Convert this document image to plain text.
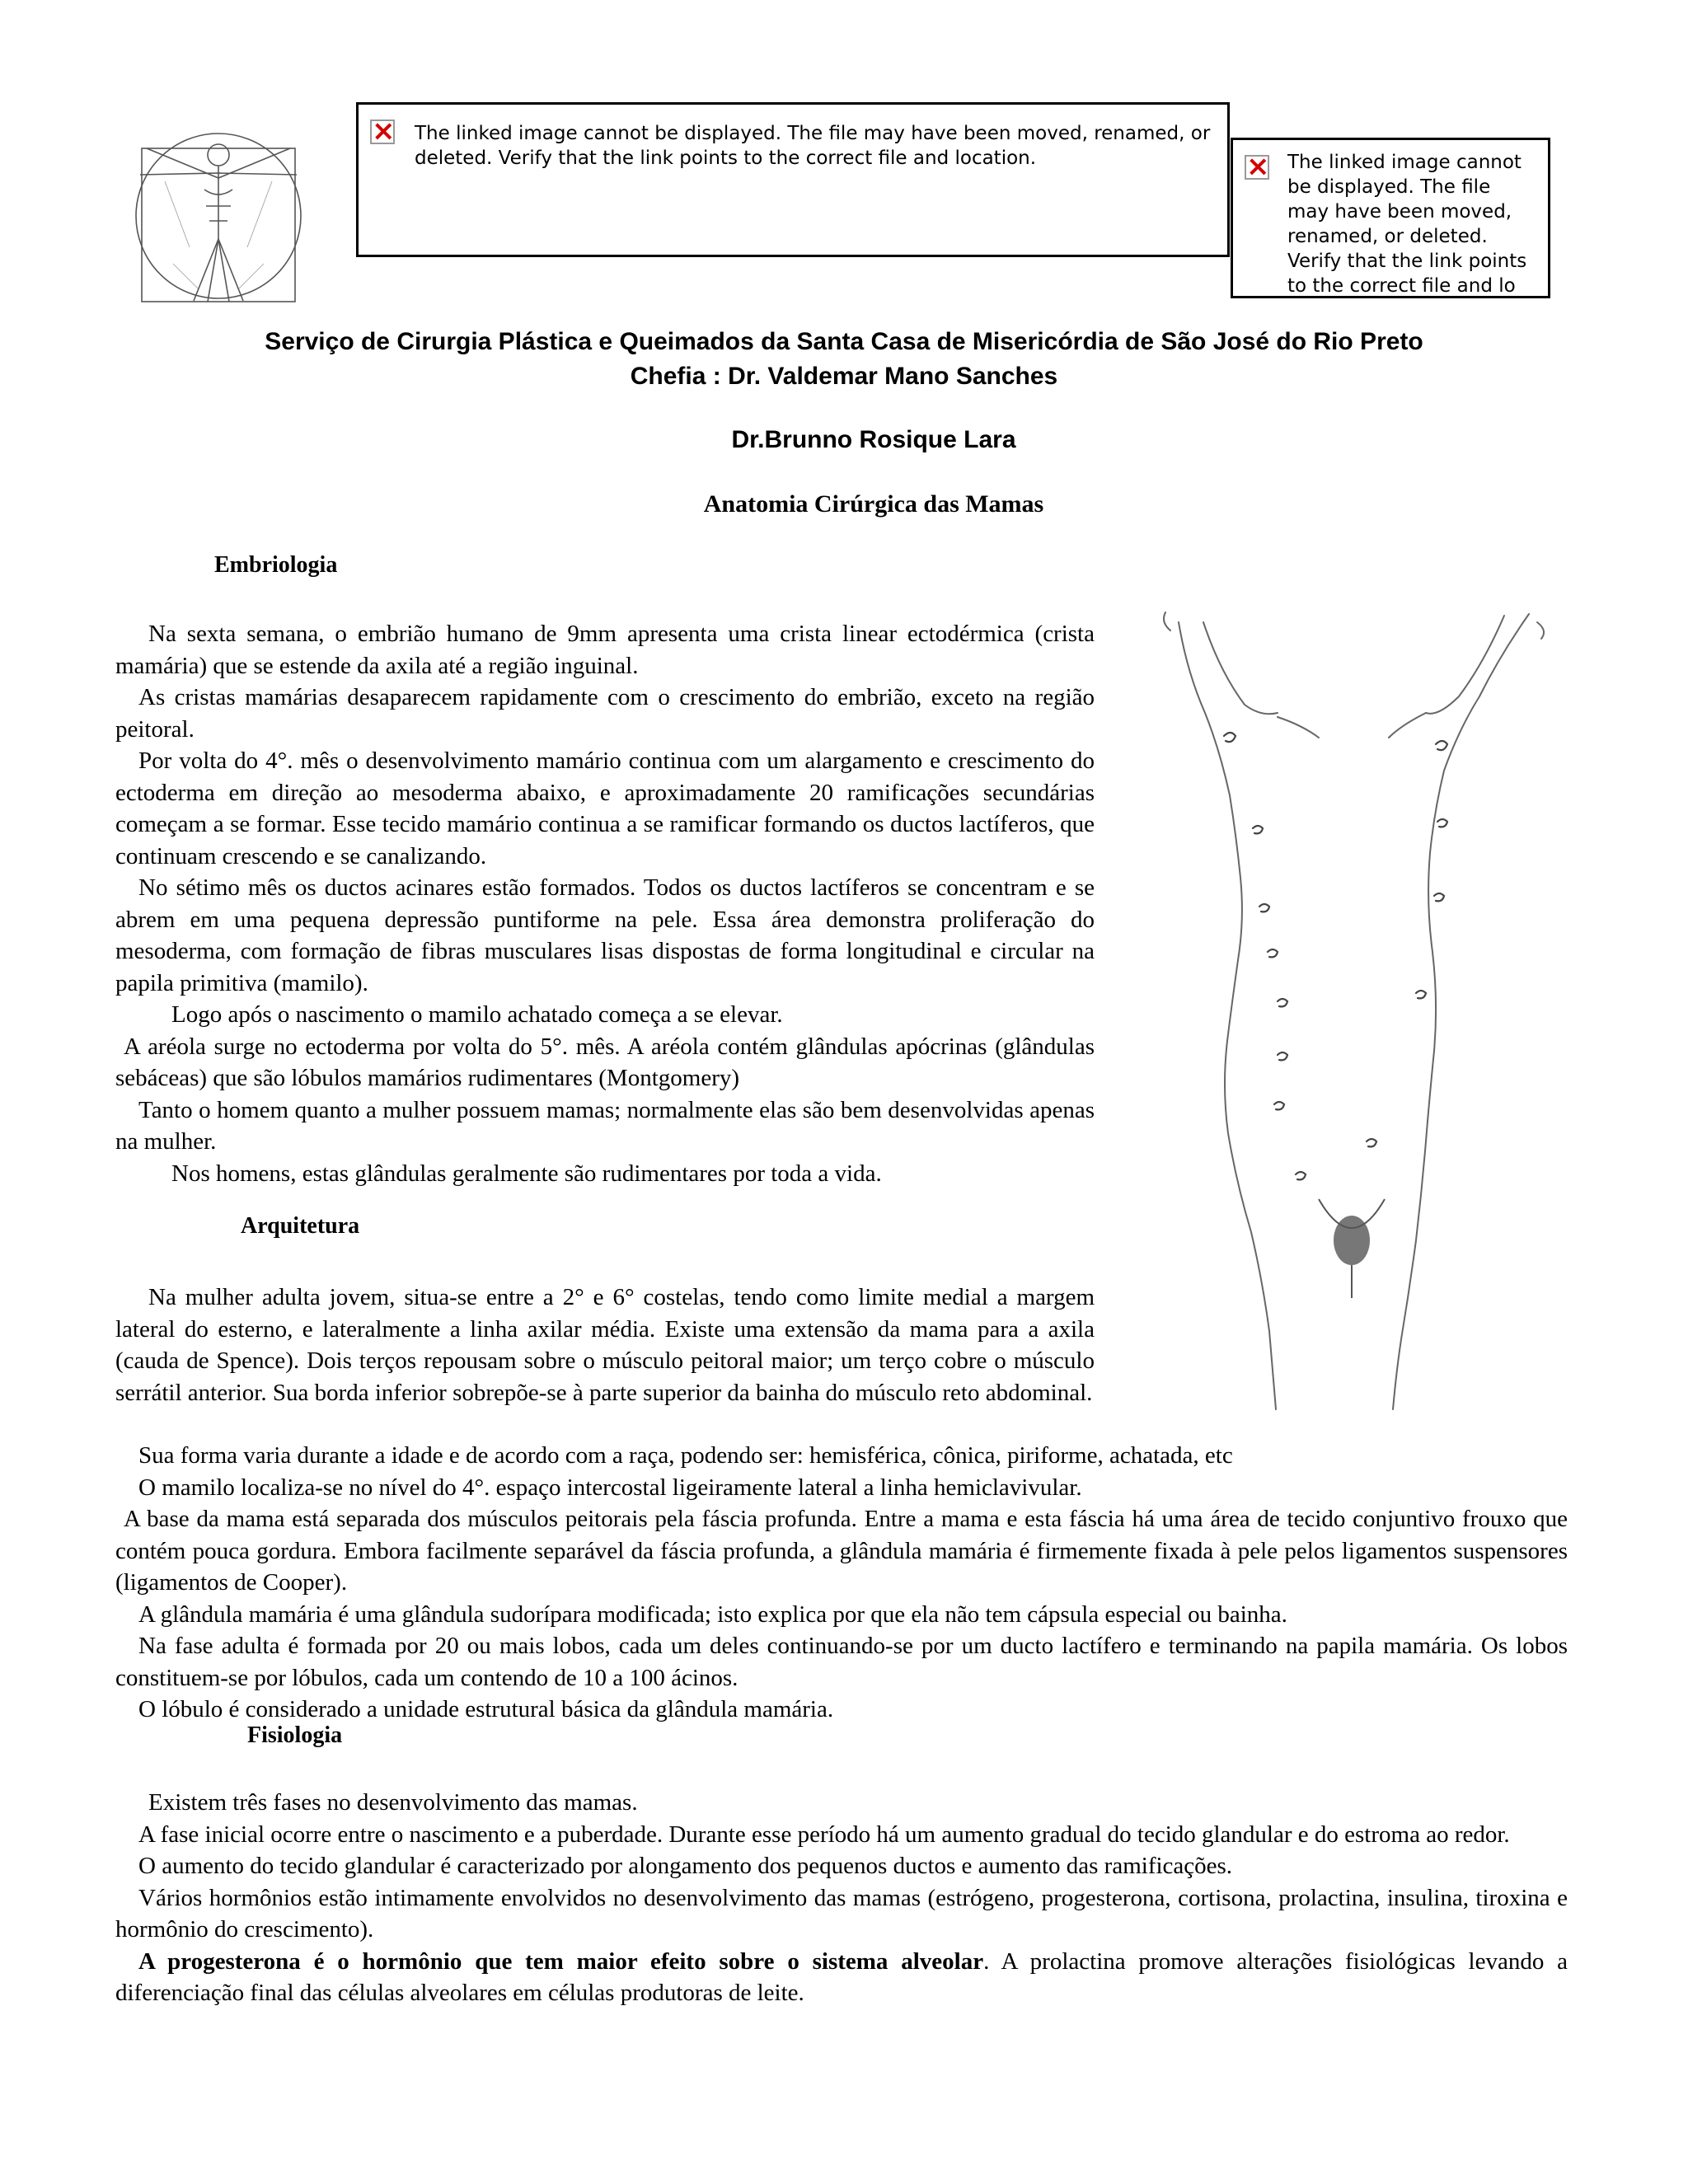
×
The linked image cannot be displayed. The file may have been moved, renamed, or deleted. Verify that the link points to the correct file and location.
×	The linked image cannot be displayed. The file may have been moved, renamed, or deleted. Verify that the link points to the correct file and lo
Serviço de Cirurgia Plástica e Queimados da Santa Casa de Misericórdia de São José do Rio Preto
Chefia : Dr. Valdemar Mano Sanches
Dr.Brunno Rosique Lara
Anatomia Cirúrgica das Mamas
Embriologia

Na sexta semana, o embrião humano de 9mm apresenta uma crista linear ectodérmica (crista mamária) que se estende da axila até a região inguinal.

As cristas mamárias desaparecem rapidamente com o crescimento do embrião, exceto na região peitoral.

Por volta do 4°. mês o desenvolvimento mamário continua com um alargamento e crescimento do ectoderma em direção ao mesoderma abaixo, e aproximadamente 20 ramificações secundárias começam a se formar. Esse tecido mamário continua a se ramificar formando os ductos lactíferos, que continuam crescendo e se canalizando.

No sétimo mês os ductos acinares estão formados. Todos os ductos lactíferos se concentram e se abrem em uma pequena depressão puntiforme na pele. Essa área demonstra proliferação do mesoderma, com formação de fibras musculares lisas dispostas de forma longitudinal e circular na papila primitiva (mamilo).

Logo após o nascimento o mamilo achatado começa a se elevar.

A aréola surge no ectoderma por volta do 5°. mês. A aréola contém glândulas apócrinas (glândulas sebáceas) que são lóbulos mamários rudimentares (Montgomery)

Tanto o homem quanto a mulher possuem mamas; normalmente elas são bem desenvolvidas apenas na mulher.

Nos homens, estas glândulas geralmente são rudimentares por toda a vida.

Arquitetura

Na mulher adulta jovem, situa-se entre a 2° e 6° costelas, tendo como limite medial a margem lateral do esterno, e lateralmente a linha axilar média. Existe uma extensão da mama para a axila (cauda de Spence). Dois terços repousam sobre o músculo peitoral maior; um terço cobre o músculo serrátil anterior. Sua borda inferior sobrepõe-se à parte superior da bainha do músculo reto abdominal.

Sua forma varia durante a idade e de acordo com a raça, podendo ser: hemisférica, cônica, piriforme, achatada, etc

O mamilo localiza-se no nível do 4°. espaço intercostal ligeiramente lateral a linha hemiclavivular.

A base da mama está separada dos músculos peitorais pela fáscia profunda. Entre a mama e esta fáscia há uma área de tecido conjuntivo frouxo que contém pouca gordura. Embora facilmente separável da fáscia profunda, a glândula mamária é firmemente fixada à pele pelos ligamentos suspensores (ligamentos de Cooper).

A glândula mamária é uma glândula sudorípara modificada; isto explica por que ela não tem cápsula especial ou bainha.

Na fase adulta é formada por 20 ou mais lobos, cada um deles continuando-se por um ducto lactífero e terminando na papila mamária. Os lobos constituem-se por lóbulos, cada um contendo de 10 a 100 ácinos.

O lóbulo é considerado a unidade estrutural básica da glândula mamária.

Fisiologia

Existem três fases no desenvolvimento das mamas.

A fase inicial ocorre entre o nascimento e a puberdade. Durante esse período há um aumento gradual do tecido glandular e do estroma ao redor.

O aumento do tecido glandular é caracterizado por alongamento dos pequenos ductos e aumento das ramificações.

Vários hormônios estão intimamente envolvidos no desenvolvimento das mamas (estrógeno, progesterona, cortisona, prolactina, insulina, tiroxina e hormônio do crescimento).

A progesterona é o hormônio que tem maior efeito sobre o sistema alveolar. A prolactina promove alterações fisiológicas levando a diferenciação final das células alveolares em células produtoras de leite.
